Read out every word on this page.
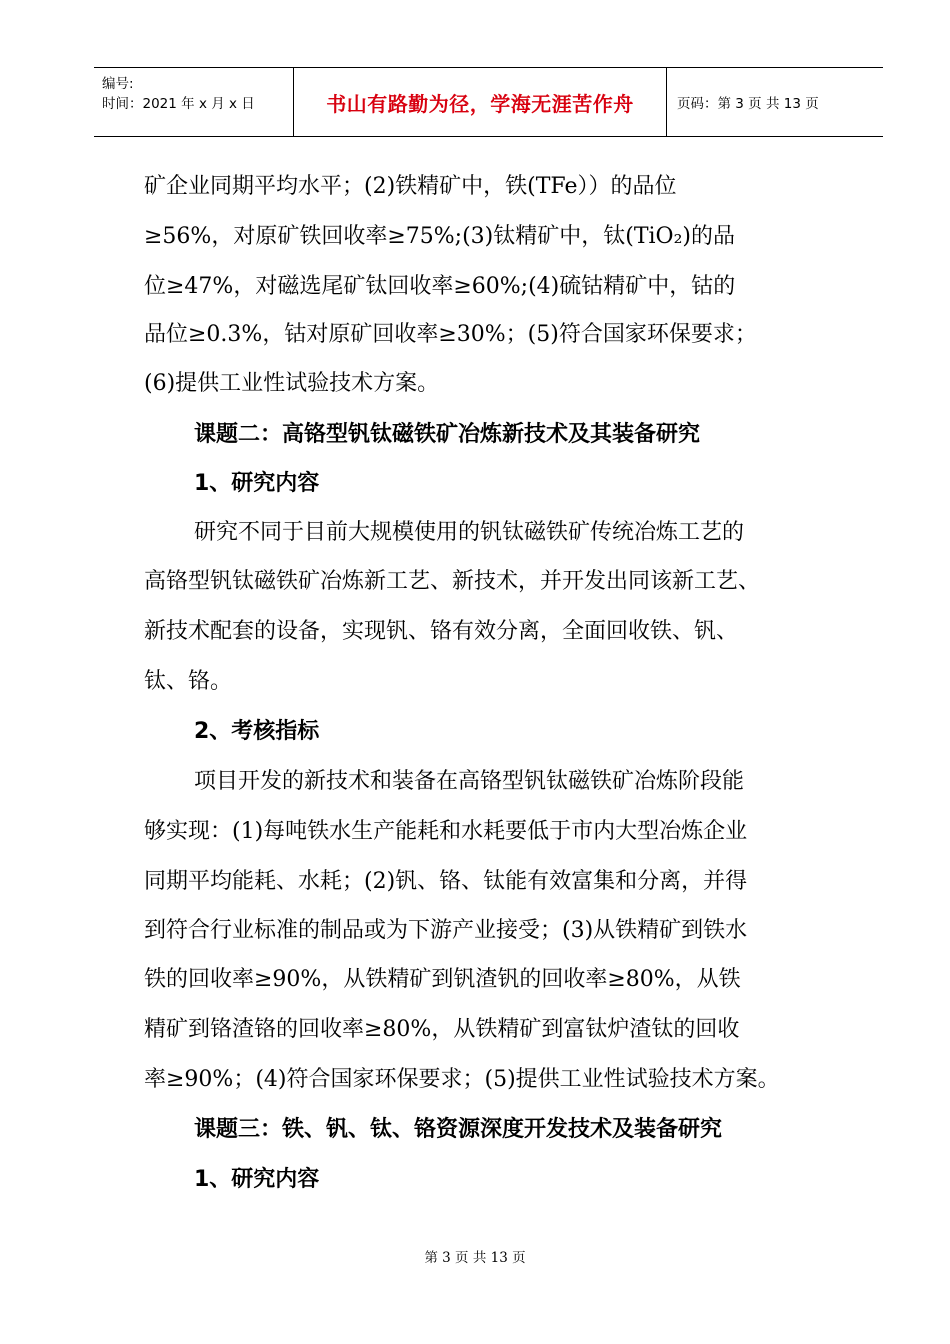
编号:
时间：2021 年 x 月 x 日	书山有路勤为径，学海无涯苦作舟	页码：第 3 页 共 13 页
矿企业同期平均水平；(2)铁精矿中，铁(TFe））的品位
≥56%，对原矿铁回收率≥75%;(3)钛精矿中，钛(TiO₂)的品
位≥47%，对磁选尾矿钛回收率≥60%;(4)硫钴精矿中，钴的
品位≥0.3%，钴对原矿回收率≥30%；(5)符合国家环保要求；
(6)提供工业性试验技术方案。
课题二：高铬型钒钛磁铁矿冶炼新技术及其装备研究
1、研究内容
研究不同于目前大规模使用的钒钛磁铁矿传统冶炼工艺的
高铬型钒钛磁铁矿冶炼新工艺、新技术，并开发出同该新工艺、
新技术配套的设备，实现钒、铬有效分离，全面回收铁、钒、
钛、铬。
2、考核指标
项目开发的新技术和装备在高铬型钒钛磁铁矿冶炼阶段能
够实现：(1)每吨铁水生产能耗和水耗要低于市内大型冶炼企业
同期平均能耗、水耗；(2)钒、铬、钛能有效富集和分离，并得
到符合行业标准的制品或为下游产业接受；(3)从铁精矿到铁水
铁的回收率≥90%，从铁精矿到钒渣钒的回收率≥80%，从铁
精矿到铬渣铬的回收率≥80%，从铁精矿到富钛炉渣钛的回收
率≥90%；(4)符合国家环保要求；(5)提供工业性试验技术方案。
课题三：铁、钒、钛、铬资源深度开发技术及装备研究
1、研究内容
第 3 页 共 13 页
